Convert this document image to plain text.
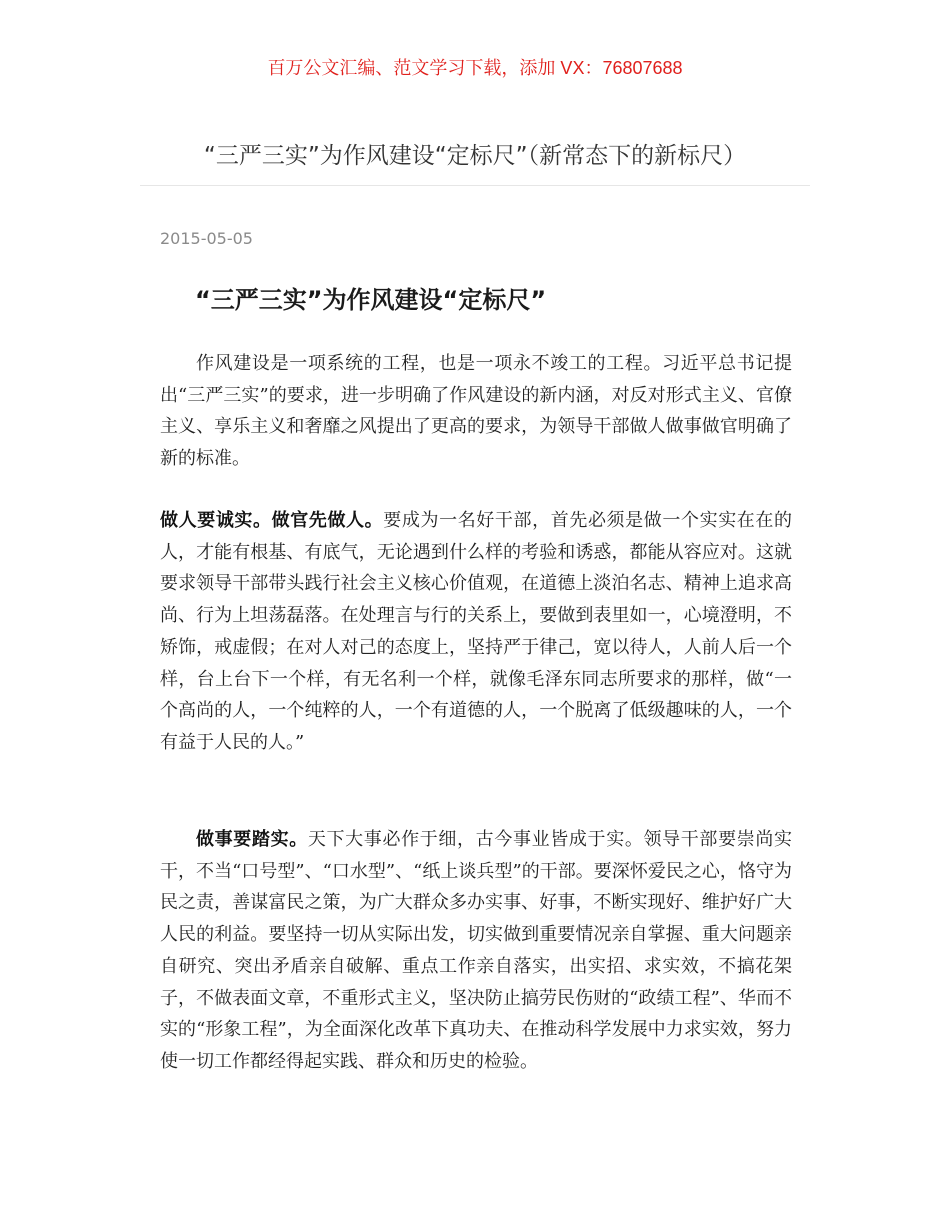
百万公文汇编、范文学习下载，添加 VX：76807688
“三严三实”为作风建设“定标尺”（新常态下的新标尺）
2015-05-05
“三严三实”为作风建设“定标尺”

作风建设是一项系统的工程，也是一项永不竣工的工程。习近平总书记提出“三严三实”的要求，进一步明确了作风建设的新内涵，对反对形式主义、官僚主义、享乐主义和奢靡之风提出了更高的要求，为领导干部做人做事做官明确了新的标准。

做人要诚实。做官先做人。要成为一名好干部，首先必须是做一个实实在在的人，才能有根基、有底气，无论遇到什么样的考验和诱惑，都能从容应对。这就要求领导干部带头践行社会主义核心价值观，在道德上淡泊名志、精神上追求高尚、行为上坦荡磊落。在处理言与行的关系上，要做到表里如一，心境澄明，不矫饰，戒虚假；在对人对己的态度上，坚持严于律己，宽以待人，人前人后一个样，台上台下一个样，有无名利一个样，就像毛泽东同志所要求的那样，做“一个高尚的人，一个纯粹的人，一个有道德的人，一个脱离了低级趣味的人，一个有益于人民的人。”

做事要踏实。天下大事必作于细，古今事业皆成于实。领导干部要崇尚实干，不当“口号型”、“口水型”、“纸上谈兵型”的干部。要深怀爱民之心，恪守为民之责，善谋富民之策，为广大群众多办实事、好事，不断实现好、维护好广大人民的利益。要坚持一切从实际出发，切实做到重要情况亲自掌握、重大问题亲自研究、突出矛盾亲自破解、重点工作亲自落实，出实招、求实效，不搞花架子，不做表面文章，不重形式主义，坚决防止搞劳民伤财的“政绩工程”、华而不实的“形象工程”，为全面深化改革下真功夫、在推动科学发展中力求实效，努力使一切工作都经得起实践、群众和历史的检验。
